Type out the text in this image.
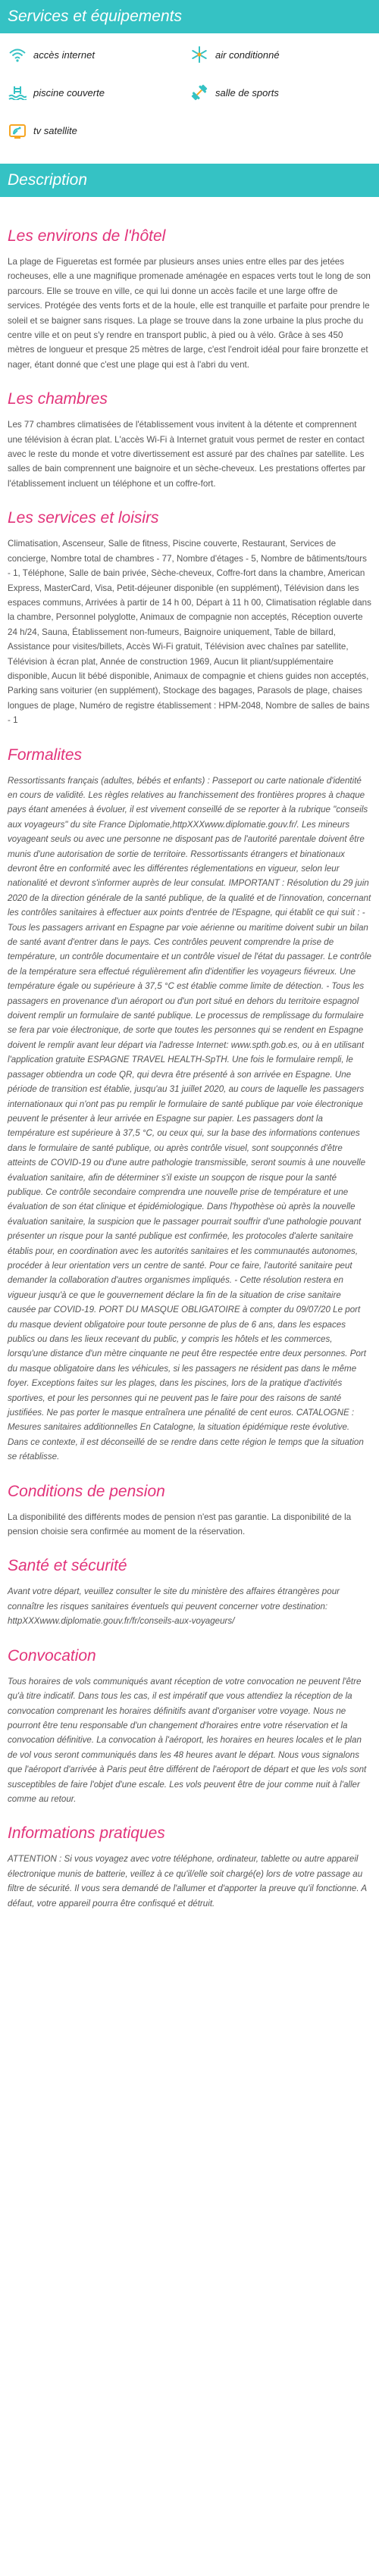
Services et équipements
accès internet	air conditionné
piscine couverte	salle de sports
tv satellite
Description
Les environs de l'hôtel

La plage de Figueretas est formée par plusieurs anses unies entre elles par des jetées rocheuses, elle a une magnifique promenade aménagée en espaces verts tout le long de son parcours. Elle se trouve en ville, ce qui lui donne un accès facile et une large offre de services. Protégée des vents forts et de la houle, elle est tranquille et parfaite pour prendre le soleil et se baigner sans risques. La plage se trouve dans la zone urbaine la plus proche du centre ville et on peut s'y rendre en transport public, à pied ou à vélo. Grâce à ses 450 mètres de longueur et presque 25 mètres de large, c'est l'endroit idéal pour faire bronzette et nager, étant donné que c'est une plage qui est à l'abri du vent.

Les chambres

Les 77 chambres climatisées de l'établissement vous invitent à la détente et comprennent une télévision à écran plat. L'accès Wi-Fi à Internet gratuit vous permet de rester en contact avec le reste du monde et votre divertissement est assuré par des chaînes par satellite. Les salles de bain comprennent une baignoire et un sèche-cheveux. Les prestations offertes par l'établissement incluent un téléphone et un coffre-fort.

Les services et loisirs

Climatisation, Ascenseur, Salle de fitness, Piscine couverte, Restaurant, Services de concierge, Nombre total de chambres - 77, Nombre d'étages - 5, Nombre de bâtiments/tours - 1, Téléphone, Salle de bain privée, Sèche-cheveux, Coffre-fort dans la chambre, American Express, MasterCard, Visa, Petit-déjeuner disponible (en supplément), Télévision dans les espaces communs, Arrivées à partir de 14 h 00, Départ à 11 h 00, Climatisation réglable dans la chambre, Personnel polyglotte, Animaux de compagnie non acceptés, Réception ouverte 24 h/24, Sauna, Établissement non-fumeurs, Baignoire uniquement, Table de billard, Assistance pour visites/billets, Accès Wi-Fi gratuit, Télévision avec chaînes par satellite, Télévision à écran plat, Année de construction 1969, Aucun lit pliant/supplémentaire disponible, Aucun lit bébé disponible, Animaux de compagnie et chiens guides non acceptés, Parking sans voiturier (en supplément), Stockage des bagages, Parasols de plage, chaises longues de plage, Numéro de registre établissement : HPM-2048, Nombre de salles de bains - 1

Formalites

Ressortissants français (adultes, bébés et enfants) : Passeport ou carte nationale d'identité en cours de validité. Les règles relatives au franchissement des frontières propres à chaque pays étant amenées à évoluer, il est vivement conseillé de se reporter à la rubrique "conseils aux voyageurs" du site France Diplomatie,httpXXXwww.diplomatie.gouv.fr/. Les mineurs voyageant seuls ou avec une personne ne disposant pas de l'autorité parentale doivent être munis d'une autorisation de sortie de territoire. Ressortissants étrangers et binationaux devront être en conformité avec les différentes réglementations en vigueur, selon leur nationalité et devront s'informer auprès de leur consulat. IMPORTANT : Résolution du 29 juin 2020 de la direction générale de la santé publique, de la qualité et de l'innovation, concernant les contrôles sanitaires à effectuer aux points d'entrée de l'Espagne, qui établit ce qui suit : - Tous les passagers arrivant en Espagne par voie aérienne ou maritime doivent subir un bilan de santé avant d'entrer dans le pays. Ces contrôles peuvent comprendre la prise de température, un contrôle documentaire et un contrôle visuel de l'état du passager. Le contrôle de la température sera effectué régulièrement afin d'identifier les voyageurs fiévreux. Une température égale ou supérieure à 37,5 °C est établie comme limite de détection. - Tous les passagers en provenance d'un aéroport ou d'un port situé en dehors du territoire espagnol doivent remplir un formulaire de santé publique. Le processus de remplissage du formulaire se fera par voie électronique, de sorte que toutes les personnes qui se rendent en Espagne doivent le remplir avant leur départ via l'adresse Internet: www.spth.gob.es, ou à en utilisant l'application gratuite ESPAGNE TRAVEL HEALTH-SpTH. Une fois le formulaire rempli, le passager obtiendra un code QR, qui devra être présenté à son arrivée en Espagne. Une période de transition est établie, jusqu'au 31 juillet 2020, au cours de laquelle les passagers internationaux qui n'ont pas pu remplir le formulaire de santé publique par voie électronique peuvent le présenter à leur arrivée en Espagne sur papier. Les passagers dont la température est supérieure à 37,5 °C, ou ceux qui, sur la base des informations contenues dans le formulaire de santé publique, ou après contrôle visuel, sont soupçonnés d'être atteints de COVID-19 ou d'une autre pathologie transmissible, seront soumis à une nouvelle évaluation sanitaire, afin de déterminer s'il existe un soupçon de risque pour la santé publique. Ce contrôle secondaire comprendra une nouvelle prise de température et une évaluation de son état clinique et épidémiologique. Dans l'hypothèse où après la nouvelle évaluation sanitaire, la suspicion que le passager pourrait souffrir d'une pathologie pouvant présenter un risque pour la santé publique est confirmée, les protocoles d'alerte sanitaire établis pour, en coordination avec les autorités sanitaires et les communautés autonomes, procéder à leur orientation vers un centre de santé. Pour ce faire, l'autorité sanitaire peut demander la collaboration d'autres organismes impliqués. - Cette résolution restera en vigueur jusqu'à ce que le gouvernement déclare la fin de la situation de crise sanitaire causée par COVID-19. PORT DU MASQUE OBLIGATOIRE à compter du 09/07/20 Le port du masque devient obligatoire pour toute personne de plus de 6 ans, dans les espaces publics ou dans les lieux recevant du public, y compris les hôtels et les commerces, lorsqu'une distance d'un mètre cinquante ne peut être respectée entre deux personnes. Port du masque obligatoire dans les véhicules, si les passagers ne résident pas dans le même foyer. Exceptions faites sur les plages, dans les piscines, lors de la pratique d'activités sportives, et pour les personnes qui ne peuvent pas le faire pour des raisons de santé justifiées. Ne pas porter le masque entraînera une pénalité de cent euros. CATALOGNE : Mesures sanitaires additionnelles En Catalogne, la situation épidémique reste évolutive. Dans ce contexte, il est déconseillé de se rendre dans cette région le temps que la situation se rétablisse.

Conditions de pension

La disponibilité des différents modes de pension n'est pas garantie. La disponibilité de la pension choisie sera confirmée au moment de la réservation.

Santé et sécurité

Avant votre départ, veuillez consulter le site du ministère des affaires étrangères pour connaître les risques sanitaires éventuels qui peuvent concerner votre destination: httpXXXwww.diplomatie.gouv.fr/fr/conseils-aux-voyageurs/

Convocation

Tous horaires de vols communiqués avant réception de votre convocation ne peuvent l'être qu'à titre indicatif. Dans tous les cas, il est impératif que vous attendiez la réception de la convocation comprenant les horaires définitifs avant d'organiser votre voyage. Nous ne pourront être tenu responsable d'un changement d'horaires entre votre réservation et la convocation définitive. La convocation à l'aéroport, les horaires en heures locales et le plan de vol vous seront communiqués dans les 48 heures avant le départ. Nous vous signalons que l'aéroport d'arrivée à Paris peut être différent de l'aéroport de départ et que les vols sont susceptibles de faire l'objet d'une escale. Les vols peuvent être de jour comme nuit à l'aller comme au retour.

Informations pratiques

ATTENTION : Si vous voyagez avec votre téléphone, ordinateur, tablette ou autre appareil électronique munis de batterie, veillez à ce qu'il/elle soit chargé(e) lors de votre passage au filtre de sécurité. Il vous sera demandé de l'allumer et d'apporter la preuve qu'il fonctionne. A défaut, votre appareil pourra être confisqué et détruit.
